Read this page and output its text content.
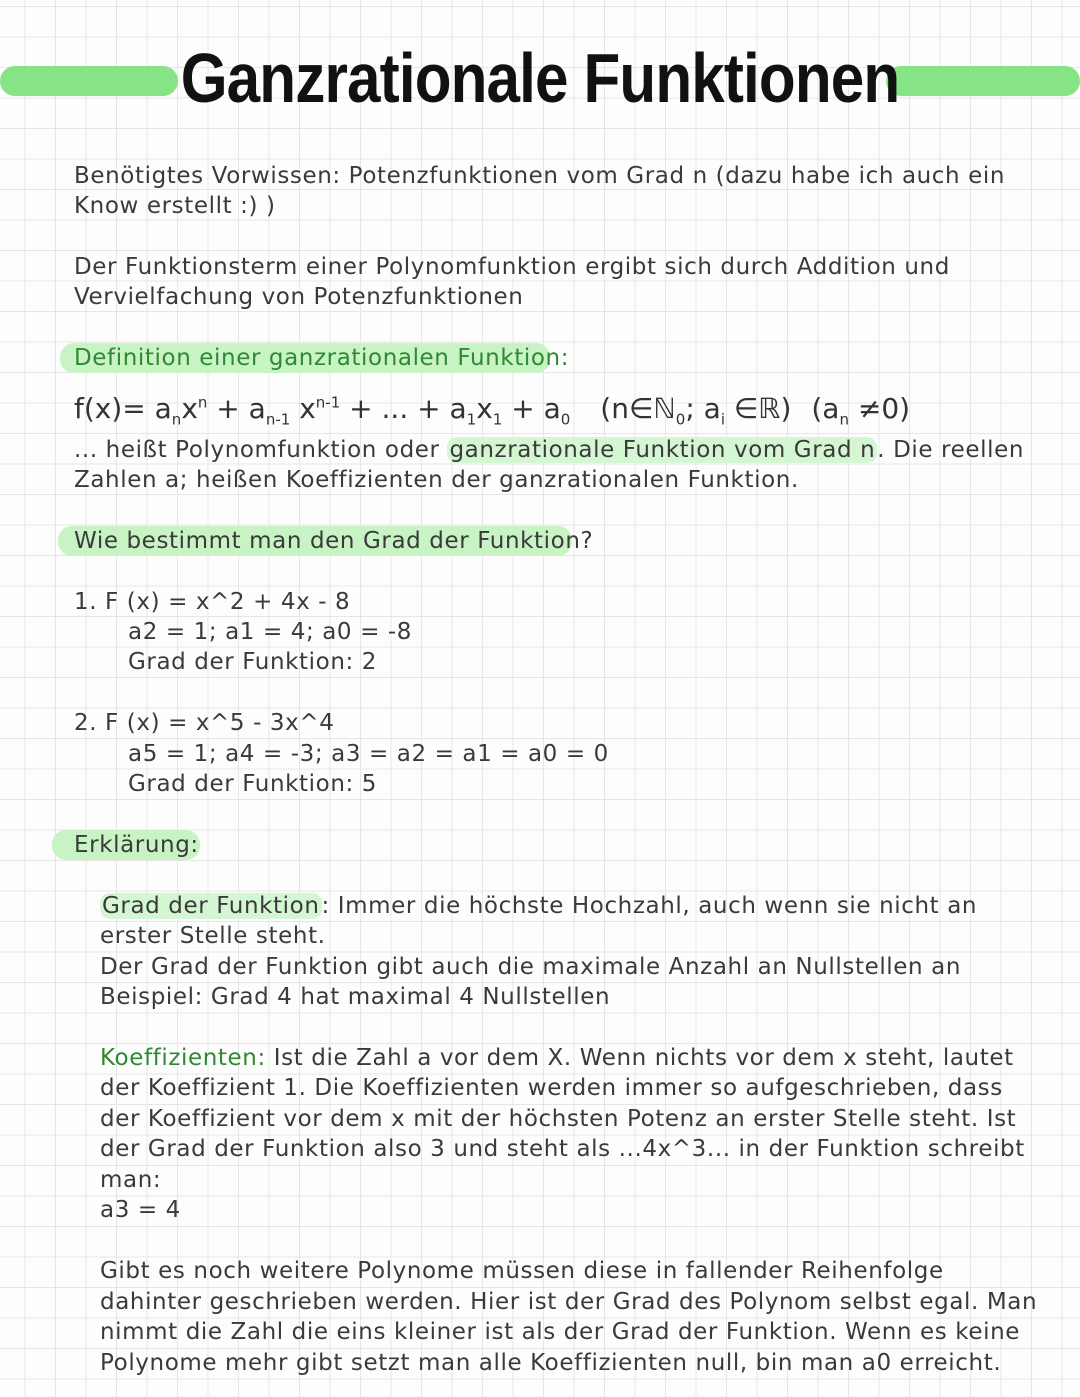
Ganzrationale Funktionen

Benötigtes Vorwissen: Potenzfunktionen vom Grad n (dazu habe ich auch ein

Know erstellt :) )

Der Funktionsterm einer Polynomfunktion ergibt sich durch Addition und

Vervielfachung von Potenzfunktionen

Definition einer ganzrationalen Funktion:

$f(x)= a_nx^n + a_{n-1}$ $x^{n-1}$ + ... + $a_1x_1 + a_0$ (n∈ℕ$_0$; $a_i$ ∈ℝ) $(a_n \ne 0)$

... heißt Polynomfunktion oder ganzrationale Funktion vom Grad n. Die reellen

Zahlen a; heißen Koeffizienten der ganzrationalen Funktion.

Wie bestimmt man den Grad der Funktion?

1. F (x) = x^2 + 4x - 8

a2 = 1; a1 = 4; a0 = -8

Grad der Funktion: 2

2. F (x) = x^5 - 3x^4

a5 = 1; a4 = -3; a3 = a2 = a1 = a0 = 0

Grad der Funktion: 5

Erklärung:

Grad der Funktion: Immer die höchste Hochzahl, auch wenn sie nicht an

erster Stelle steht.

Der Grad der Funktion gibt auch die maximale Anzahl an Nullstellen an

Beispiel: Grad 4 hat maximal 4 Nullstellen

Koeffizienten: Ist die Zahl a vor dem X. Wenn nichts vor dem x steht, lautet

der Koeffizient 1. Die Koeffizienten werden immer so aufgeschrieben, dass

der Koeffizient vor dem x mit der höchsten Potenz an erster Stelle steht. Ist

der Grad der Funktion also 3 und steht als ...4x^3... in der Funktion schreibt

man:

a3 = 4

Gibt es noch weitere Polynome müssen diese in fallender Reihenfolge

dahinter geschrieben werden. Hier ist der Grad des Polynom selbst egal. Man

nimmt die Zahl die eins kleiner ist als der Grad der Funktion. Wenn es keine

Polynome mehr gibt setzt man alle Koeffizienten null, bin man a0 erreicht.
